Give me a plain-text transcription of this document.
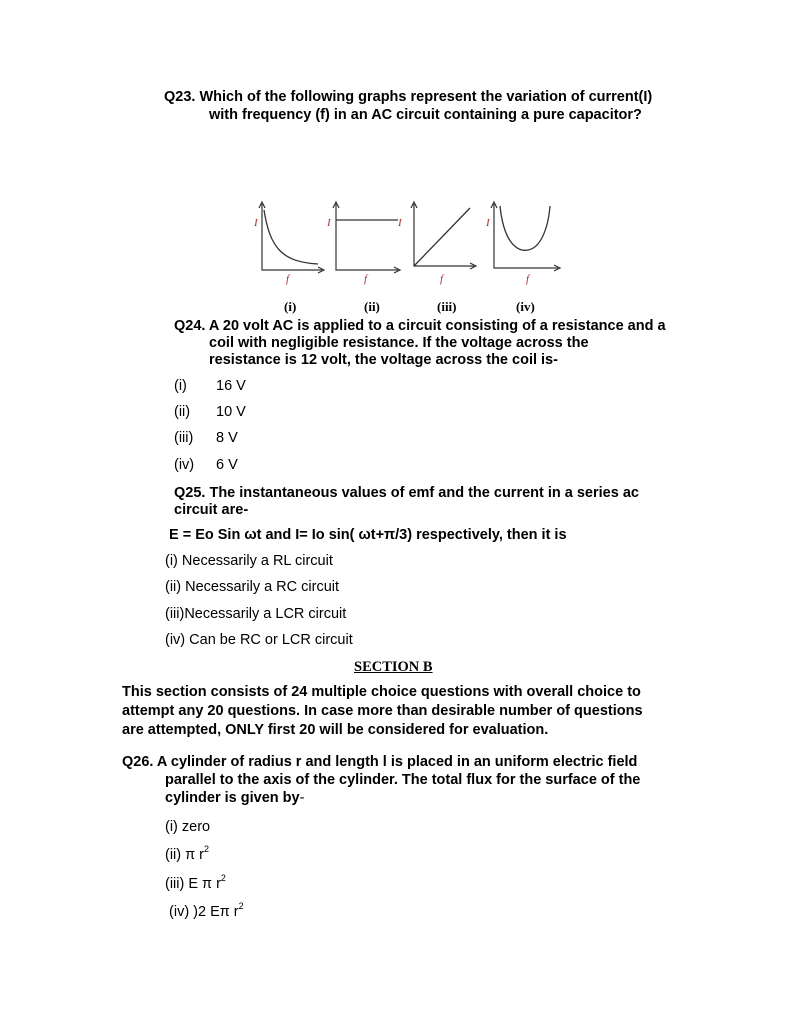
Q23. Which of the following graphs represent the variation of current(I)
with frequency (f) in an AC circuit containing a pure capacitor?
I
f
I
f
I
f
I
f
(i)	(ii)	(iii)	(iv)
Q24. A 20 volt AC is applied to a circuit consisting of a resistance and a
coil with negligible resistance. If the voltage across the
resistance is 12 volt, the voltage across the coil is-
(i) 16 V
(ii) 10 V
(iii) 8 V
(iv) 6 V
Q25. The instantaneous values of emf and the current in a series ac
circuit are-
E = Eo Sin ωt and I= Io sin( ωt+π/3) respectively, then it is
(i) Necessarily a RL circuit
(ii) Necessarily a RC circuit
(iii)Necessarily a LCR circuit
(iv) Can be RC or LCR circuit
SECTION B
This section consists of 24 multiple choice questions with overall choice to
attempt any 20 questions. In case more than desirable number of questions
are attempted, ONLY first 20 will be considered for evaluation.
Q26. A cylinder of radius r and length l is placed in an uniform electric field
parallel to the axis of the cylinder. The total flux for the surface of the
cylinder is given by-
(i) zero
(ii) π $r^2$
(iii) E π $r^2$
(iv) )2 Eπ $r^2$
